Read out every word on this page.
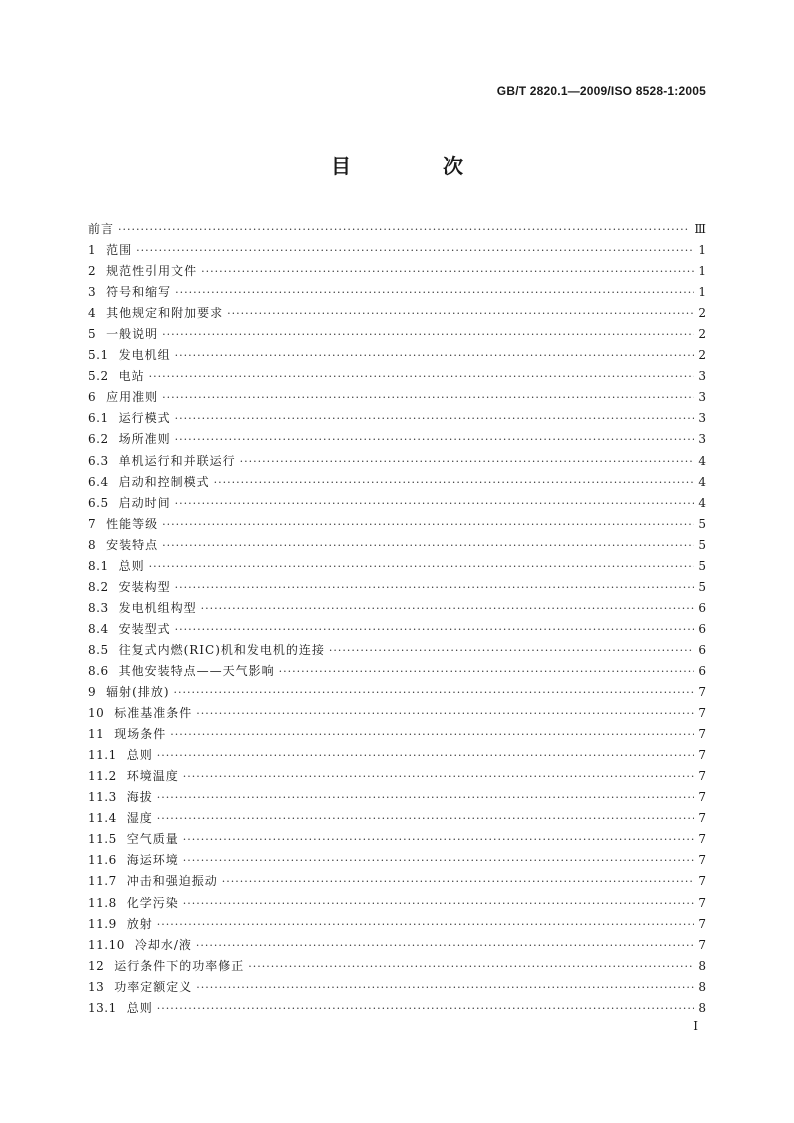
GB/T 2820.1—2009/ISO 8528-1:2005
目　次
前言 ·····	Ⅲ
1 范围 ·····	1
2 规范性引用文件 ·····	1
3 符号和缩写 ·····	1
4 其他规定和附加要求 ·····	2
5 一般说明 ·····	2
5.1 发电机组 ·····	2
5.2 电站 ·····	3
6 应用准则 ·····	3
6.1 运行模式 ·····	3
6.2 场所准则 ·····	3
6.3 单机运行和并联运行 ·····	4
6.4 启动和控制模式 ·····	4
6.5 启动时间 ·····	4
7 性能等级 ·····	5
8 安装特点 ·····	5
8.1 总则 ·····	5
8.2 安装构型 ·····	5
8.3 发电机组构型 ·····	6
8.4 安装型式 ·····	6
8.5 往复式内燃(RIC)机和发电机的连接 ·····	6
8.6 其他安装特点——天气影响 ·····	6
9 辐射(排放) ·····	7
10 标准基准条件 ·····	7
11 现场条件 ·····	7
11.1 总则 ·····	7
11.2 环境温度 ·····	7
11.3 海拔 ·····	7
11.4 湿度 ·····	7
11.5 空气质量 ·····	7
11.6 海运环境 ·····	7
11.7 冲击和强迫振动 ·····	7
11.8 化学污染 ·····	7
11.9 放射 ·····	7
11.10 冷却水/液 ·····	7
12 运行条件下的功率修正 ·····	8
13 功率定额定义 ·····	8
13.1 总则 ·····	8
I
